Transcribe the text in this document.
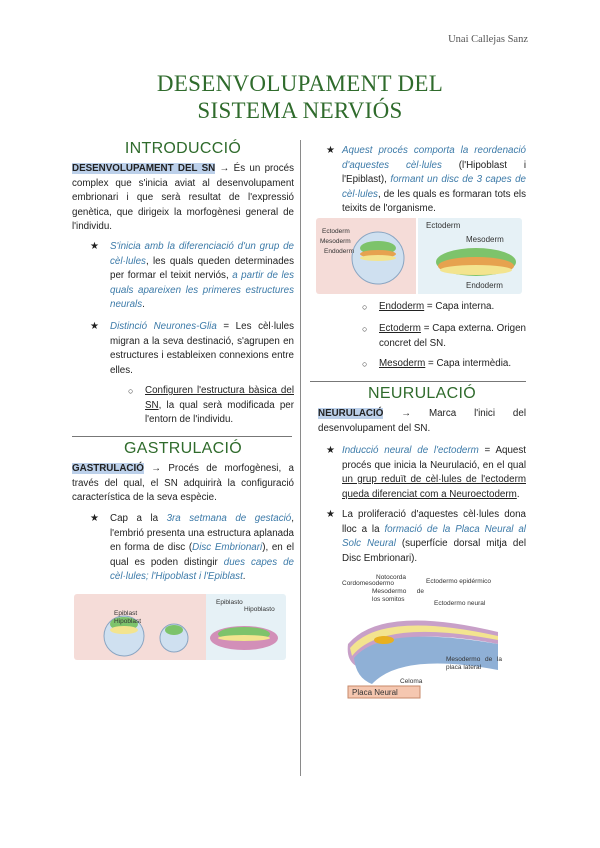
Unai Callejas Sanz
DESENVOLUPAMENT DEL
SISTEMA NERVIÓS
INTRODUCCIÓ
DESENVOLUPAMENT DEL SN → És un procés complex que s'inicia aviat al desenvolupament embrionari i que serà resultat de l'expressió genètica, que dirigeix la morfogènesi general de l'individu.
★ S'inicia amb la diferenciació d'un grup de cèl·lules, les quals queden determinades per formar el teixit nerviós, a partir de les quals apareixen les primeres estructures neurals.
★ Distinció Neurones-Glia = Les cèl·lules migran a la seva destinació, s'agrupen en estructures i estableixen connexions entre elles.
○ Configuren l'estructura bàsica del SN, la qual serà modificada per l'entorn de l'individu.
GASTRULACIÓ
GASTRULACIÓ → Procés de morfogènesi, a través del qual, el SN adquirirà la configuració característica de la seva espècie.
★ Cap a la 3ra setmana de gestació, l'embrió presenta una estructura aplanada en forma de disc (Disc Embrionari), en el qual es poden distingir dues capes de cèl·lules; l'Hipoblast i l'Epiblast.
Epiblast
Hipoblast
Epiblasto
Hipoblasto
★ Aquest procés comporta la reordenació d'aquestes cèl·lules (l'Hipoblast i l'Epiblast), formant un disc de 3 capes de cèl·lules, de les quals es formaran tots els teixits de l'organisme.
Ectoderm
Mesoderm
Endoderm
Ectoderm
Mesoderm
Endoderm
○ Endoderm = Capa interna.
○ Ectoderm = Capa externa. Origen concret del SN.
○ Mesoderm = Capa intermèdia.
NEURULACIÓ
NEURULACIÓ → Marca l'inici del desenvolupament del SN.
★ Inducció neural de l'ectoderm = Aquest procés que inicia la Neurulació, en el qual un grup reduït de cèl·lules de l'ectoderm queda diferenciat com a Neuroectoderm.
★ La proliferació d'aquestes cèl·lules dona lloc a la formació de la Placa Neural al Solc Neural (superfície dorsal mitja del Disc Embrionari).
Notocorda
Ectodermo epidérmico
Cordomesodermo
Mesodermo de los somitos
Ectodermo neural
Mesodermo de la placa lateral
Celoma
Placa Neural
